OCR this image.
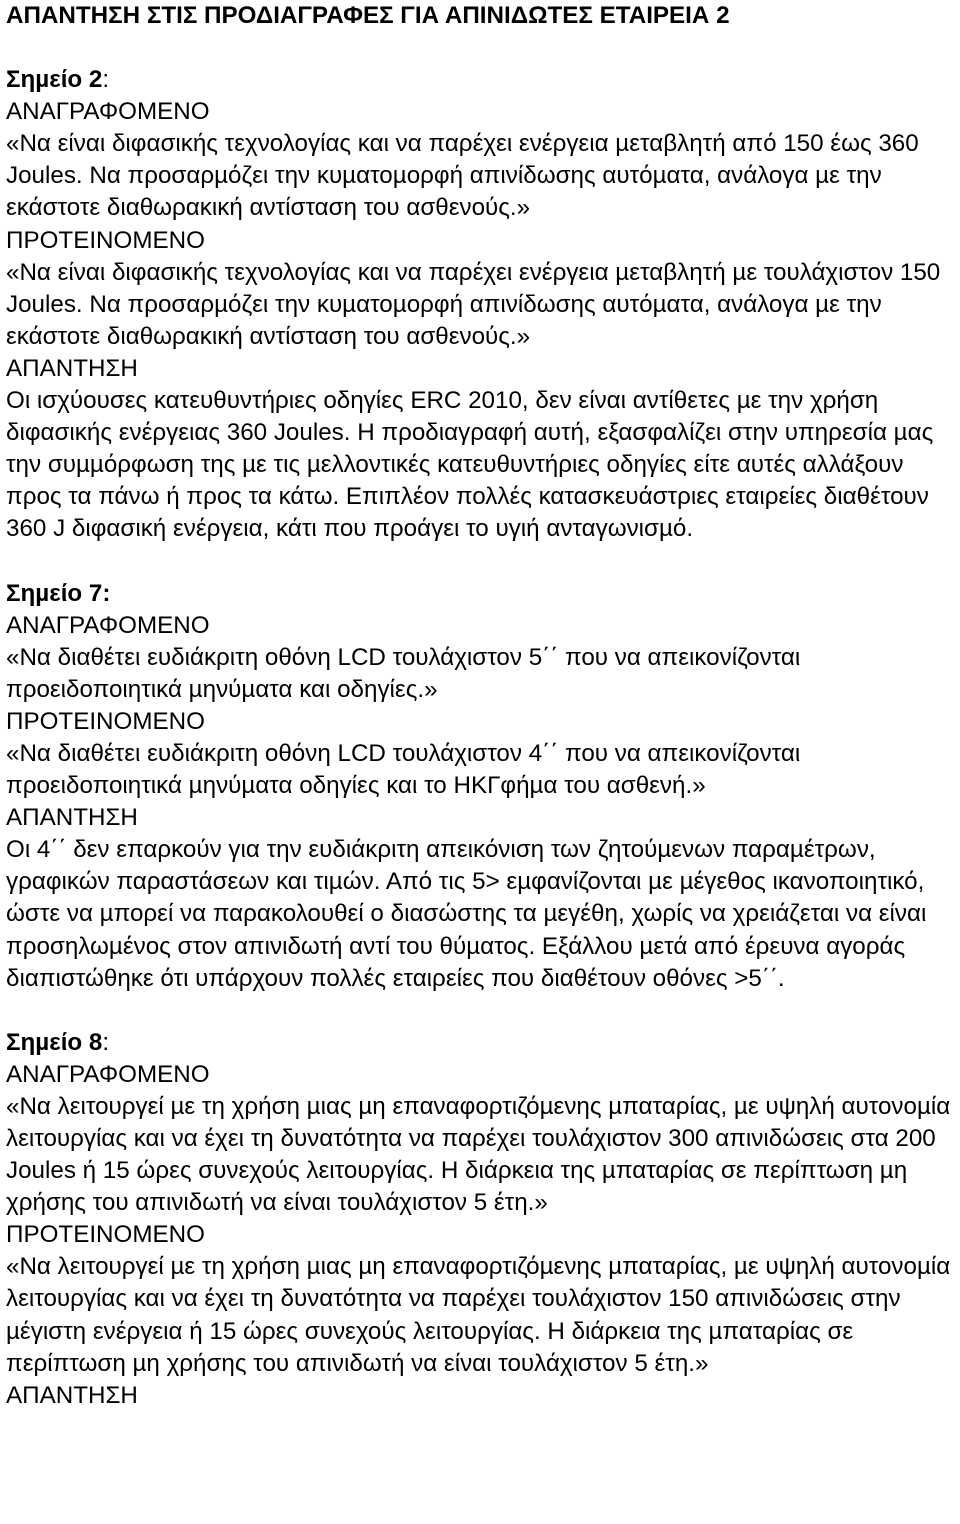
ΑΠΑΝΤΗΣΗ ΣΤΙΣ ΠΡΟΔΙΑΓΡΑΦΕΣ ΓΙΑ ΑΠΙΝΙΔΩΤΕΣ ΕΤΑΙΡΕΙΑ 2
Σηµείο 2:
ΑΝΑΓΡΑΦΟΜΕΝΟ
«Να είναι διφασικής τεχνολογίας και να παρέχει ενέργεια µεταβλητή από 150 έως 360 Joules. Να προσαρµόζει την κυµατοµορφή απινίδωσης αυτόµατα, ανάλογα µε την εκάστοτε διαθωρακική αντίσταση του ασθενούς.»
ΠΡΟΤΕΙΝΟΜΕΝΟ
«Να είναι διφασικής τεχνολογίας και να παρέχει ενέργεια µεταβλητή µε τουλάχιστον 150 Joules. Να προσαρµόζει την κυµατοµορφή απινίδωσης αυτόµατα, ανάλογα µε την εκάστοτε διαθωρακική αντίσταση του ασθενούς.»
ΑΠΑΝΤΗΣΗ
Οι ισχύουσες κατευθυντήριες οδηγίες ERC 2010, δεν είναι αντίθετες µε την χρήση διφασικής ενέργειας 360 Joules. Η προδιαγραφή αυτή, εξασφαλίζει στην υπηρεσία µας την συµµόρφωση της µε τις µελλοντικές κατευθυντήριες οδηγίες είτε αυτές αλλάξουν προς τα πάνω ή προς τα κάτω. Επιπλέον πολλές κατασκευάστριες εταιρείες διαθέτουν 360 J διφασική ενέργεια, κάτι που προάγει το υγιή ανταγωνισµό.
Σηµείο 7:
ΑΝΑΓΡΑΦΟΜΕΝΟ
«Να διαθέτει ευδιάκριτη οθόνη LCD τουλάχιστον 5΄΄ που να απεικονίζονται προειδοποιητικά µηνύµατα και οδηγίες.»
ΠΡΟΤΕΙΝΟΜΕΝΟ
«Να διαθέτει ευδιάκριτη οθόνη LCD τουλάχιστον 4΄΄ που να απεικονίζονται προειδοποιητικά µηνύµατα οδηγίες και το ΗΚΓφήµα του ασθενή.»
ΑΠΑΝΤΗΣΗ
Οι 4΄΄ δεν επαρκούν για την ευδιάκριτη απεικόνιση των ζητούµενων παραµέτρων, γραφικών παραστάσεων και τιµών. Από τις 5> εµφανίζονται µε µέγεθος ικανοποιητικό, ώστε να µπορεί να παρακολουθεί ο διασώστης τα µεγέθη, χωρίς να χρειάζεται να είναι προσηλωµένος στον απινιδωτή αντί του θύµατος. Εξάλλου µετά από έρευνα αγοράς διαπιστώθηκε ότι υπάρχουν πολλές εταιρείες που διαθέτουν οθόνες >5΄΄.
Σηµείο 8:
ΑΝΑΓΡΑΦΟΜΕΝΟ
«Να λειτουργεί µε τη χρήση µιας µη επαναφορτιζόµενης µπαταρίας, µε υψηλή αυτονοµία λειτουργίας και να έχει τη δυνατότητα να παρέχει τουλάχιστον 300 απινιδώσεις στα 200 Joules ή 15 ώρες συνεχούς λειτουργίας. Η διάρκεια της µπαταρίας σε περίπτωση µη χρήσης του απινιδωτή να είναι τουλάχιστον 5 έτη.»
ΠΡΟΤΕΙΝΟΜΕΝΟ
«Να λειτουργεί µε τη χρήση µιας µη επαναφορτιζόµενης µπαταρίας, µε υψηλή αυτονοµία λειτουργίας και να έχει τη δυνατότητα να παρέχει τουλάχιστον 150 απινιδώσεις στην µέγιστη ενέργεια ή 15 ώρες συνεχούς λειτουργίας. Η διάρκεια της µπαταρίας σε περίπτωση µη χρήσης του απινιδωτή να είναι τουλάχιστον 5 έτη.»
ΑΠΑΝΤΗΣΗ
